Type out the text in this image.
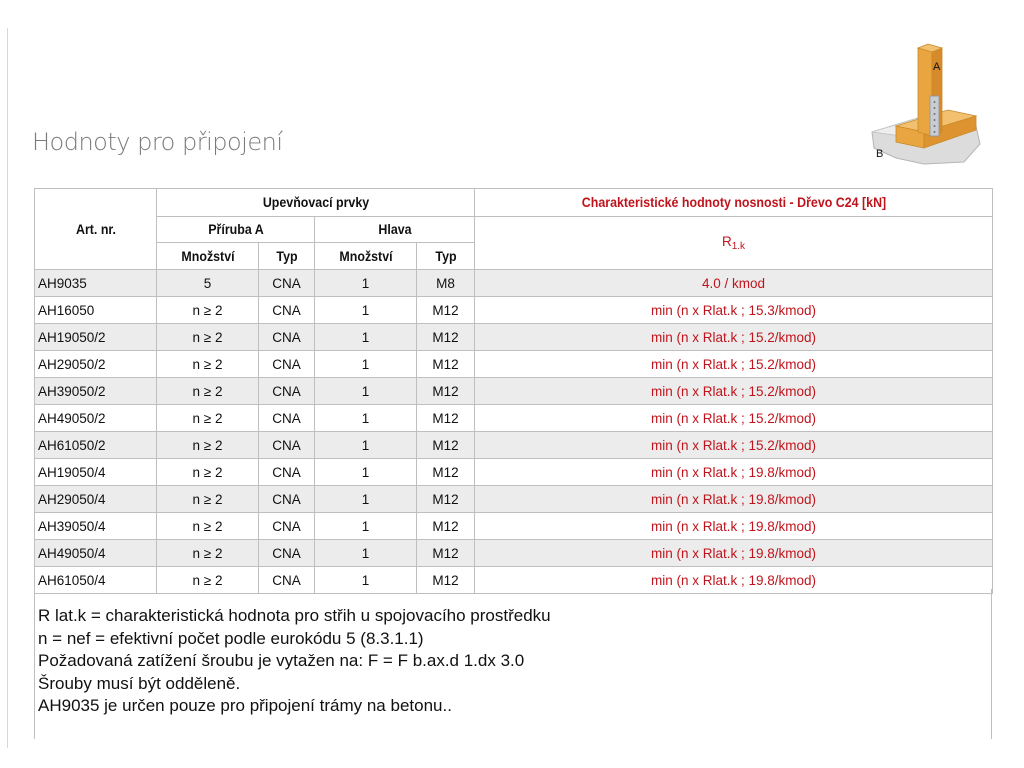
Hodnoty pro připojení
A
B
Art. nr.	Upevňovací prvky				Charakteristické hodnoty nosnosti - Dřevo C24 [kN]
	Příruba A		Hlava		$R_{1.k}$
	Množství	Typ	Množství	Typ	
AH9035	5	CNA	1	M8	4.0 / kmod
AH16050	n ≥ 2	CNA	1	M12	min (n x Rlat.k ; 15.3/kmod)
AH19050/2	n ≥ 2	CNA	1	M12	min (n x Rlat.k ; 15.2/kmod)
AH29050/2	n ≥ 2	CNA	1	M12	min (n x Rlat.k ; 15.2/kmod)
AH39050/2	n ≥ 2	CNA	1	M12	min (n x Rlat.k ; 15.2/kmod)
AH49050/2	n ≥ 2	CNA	1	M12	min (n x Rlat.k ; 15.2/kmod)
AH61050/2	n ≥ 2	CNA	1	M12	min (n x Rlat.k ; 15.2/kmod)
AH19050/4	n ≥ 2	CNA	1	M12	min (n x Rlat.k ; 19.8/kmod)
AH29050/4	n ≥ 2	CNA	1	M12	min (n x Rlat.k ; 19.8/kmod)
AH39050/4	n ≥ 2	CNA	1	M12	min (n x Rlat.k ; 19.8/kmod)
AH49050/4	n ≥ 2	CNA	1	M12	min (n x Rlat.k ; 19.8/kmod)
AH61050/4	n ≥ 2	CNA	1	M12	min (n x Rlat.k ; 19.8/kmod)
R lat.k = charakteristická hodnota pro střih u spojovacího prostředku
n = nef = efektivní počet podle eurokódu 5 (8.3.1.1)
Požadovaná zatížení šroubu je vytažen na: F = F b.ax.d 1.dx 3.0
Šrouby musí být odděleně.
AH9035 je určen pouze pro připojení trámy na betonu..
